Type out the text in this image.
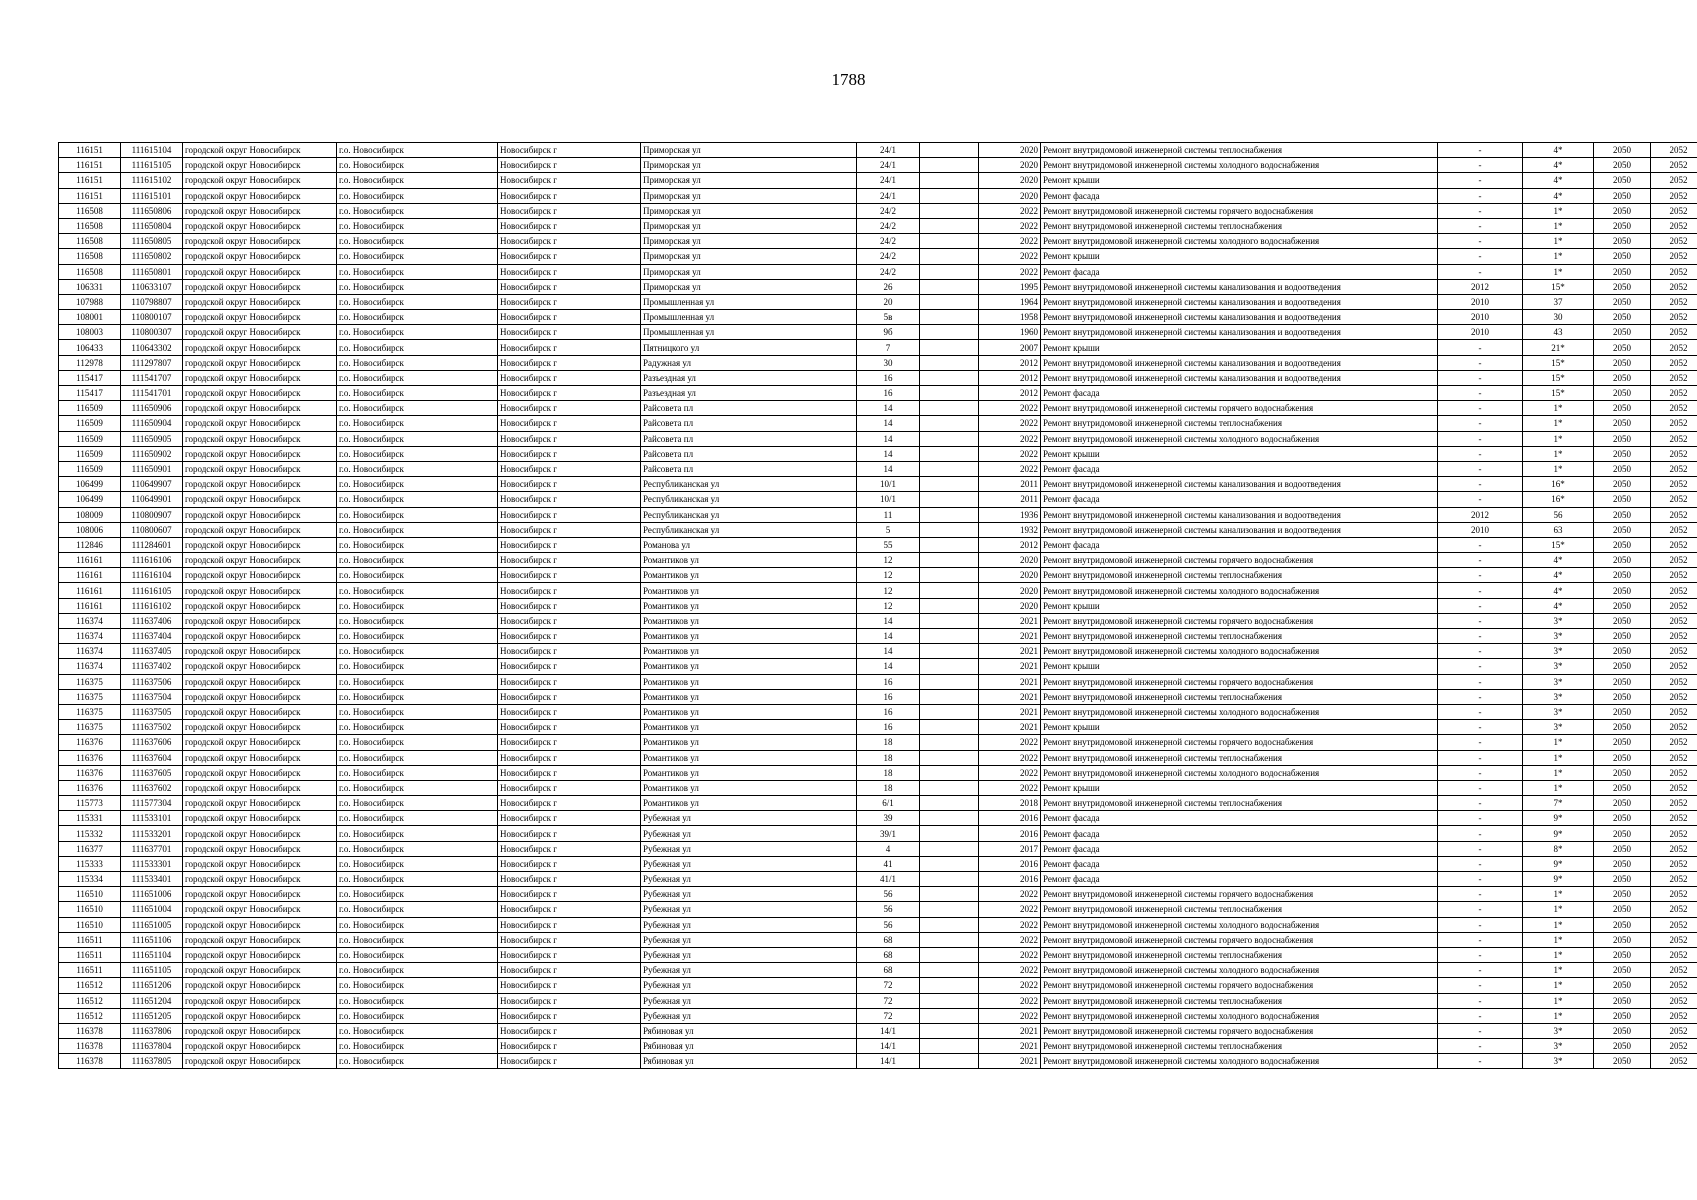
1788
116151	111615104	городской округ Новосибирск	г.о. Новосибирск	Новосибирск г	Приморская ул	24/1		2020	Ремонт внутридомовой инженерной системы теплоснабжения	-	4*	2050	2052
116151	111615105	городской округ Новосибирск	г.о. Новосибирск	Новосибирск г	Приморская ул	24/1		2020	Ремонт внутридомовой инженерной системы холодного водоснабжения	-	4*	2050	2052
116151	111615102	городской округ Новосибирск	г.о. Новосибирск	Новосибирск г	Приморская ул	24/1		2020	Ремонт крыши	-	4*	2050	2052
116151	111615101	городской округ Новосибирск	г.о. Новосибирск	Новосибирск г	Приморская ул	24/1		2020	Ремонт фасада	-	4*	2050	2052
116508	111650806	городской округ Новосибирск	г.о. Новосибирск	Новосибирск г	Приморская ул	24/2		2022	Ремонт внутридомовой инженерной системы горячего водоснабжения	-	1*	2050	2052
116508	111650804	городской округ Новосибирск	г.о. Новосибирск	Новосибирск г	Приморская ул	24/2		2022	Ремонт внутридомовой инженерной системы теплоснабжения	-	1*	2050	2052
116508	111650805	городской округ Новосибирск	г.о. Новосибирск	Новосибирск г	Приморская ул	24/2		2022	Ремонт внутридомовой инженерной системы холодного водоснабжения	-	1*	2050	2052
116508	111650802	городской округ Новосибирск	г.о. Новосибирск	Новосибирск г	Приморская ул	24/2		2022	Ремонт крыши	-	1*	2050	2052
116508	111650801	городской округ Новосибирск	г.о. Новосибирск	Новосибирск г	Приморская ул	24/2		2022	Ремонт фасада	-	1*	2050	2052
106331	110633107	городской округ Новосибирск	г.о. Новосибирск	Новосибирск г	Приморская ул	26		1995	Ремонт внутридомовой инженерной системы канализования и водоотведения	2012	15*	2050	2052
107988	110798807	городской округ Новосибирск	г.о. Новосибирск	Новосибирск г	Промышленная ул	20		1964	Ремонт внутридомовой инженерной системы канализования и водоотведения	2010	37	2050	2052
108001	110800107	городской округ Новосибирск	г.о. Новосибирск	Новосибирск г	Промышленная ул	5в		1958	Ремонт внутридомовой инженерной системы канализования и водоотведения	2010	30	2050	2052
108003	110800307	городской округ Новосибирск	г.о. Новосибирск	Новосибирск г	Промышленная ул	9б		1960	Ремонт внутридомовой инженерной системы канализования и водоотведения	2010	43	2050	2052
106433	110643302	городской округ Новосибирск	г.о. Новосибирск	Новосибирск г	Пятницкого ул	7		2007	Ремонт крыши	-	21*	2050	2052
112978	111297807	городской округ Новосибирск	г.о. Новосибирск	Новосибирск г	Радужная ул	30		2012	Ремонт внутридомовой инженерной системы канализования и водоотведения	-	15*	2050	2052
115417	111541707	городской округ Новосибирск	г.о. Новосибирск	Новосибирск г	Разъездная ул	16		2012	Ремонт внутридомовой инженерной системы канализования и водоотведения	-	15*	2050	2052
115417	111541701	городской округ Новосибирск	г.о. Новосибирск	Новосибирск г	Разъездная ул	16		2012	Ремонт фасада	-	15*	2050	2052
116509	111650906	городской округ Новосибирск	г.о. Новосибирск	Новосибирск г	Райсовета пл	14		2022	Ремонт внутридомовой инженерной системы горячего водоснабжения	-	1*	2050	2052
116509	111650904	городской округ Новосибирск	г.о. Новосибирск	Новосибирск г	Райсовета пл	14		2022	Ремонт внутридомовой инженерной системы теплоснабжения	-	1*	2050	2052
116509	111650905	городской округ Новосибирск	г.о. Новосибирск	Новосибирск г	Райсовета пл	14		2022	Ремонт внутридомовой инженерной системы холодного водоснабжения	-	1*	2050	2052
116509	111650902	городской округ Новосибирск	г.о. Новосибирск	Новосибирск г	Райсовета пл	14		2022	Ремонт крыши	-	1*	2050	2052
116509	111650901	городской округ Новосибирск	г.о. Новосибирск	Новосибирск г	Райсовета пл	14		2022	Ремонт фасада	-	1*	2050	2052
106499	110649907	городской округ Новосибирск	г.о. Новосибирск	Новосибирск г	Республиканская ул	10/1		2011	Ремонт внутридомовой инженерной системы канализования и водоотведения	-	16*	2050	2052
106499	110649901	городской округ Новосибирск	г.о. Новосибирск	Новосибирск г	Республиканская ул	10/1		2011	Ремонт фасада	-	16*	2050	2052
108009	110800907	городской округ Новосибирск	г.о. Новосибирск	Новосибирск г	Республиканская ул	11		1936	Ремонт внутридомовой инженерной системы канализования и водоотведения	2012	56	2050	2052
108006	110800607	городской округ Новосибирск	г.о. Новосибирск	Новосибирск г	Республиканская ул	5		1932	Ремонт внутридомовой инженерной системы канализования и водоотведения	2010	63	2050	2052
112846	111284601	городской округ Новосибирск	г.о. Новосибирск	Новосибирск г	Романова ул	55		2012	Ремонт фасада	-	15*	2050	2052
116161	111616106	городской округ Новосибирск	г.о. Новосибирск	Новосибирск г	Романтиков ул	12		2020	Ремонт внутридомовой инженерной системы горячего водоснабжения	-	4*	2050	2052
116161	111616104	городской округ Новосибирск	г.о. Новосибирск	Новосибирск г	Романтиков ул	12		2020	Ремонт внутридомовой инженерной системы теплоснабжения	-	4*	2050	2052
116161	111616105	городской округ Новосибирск	г.о. Новосибирск	Новосибирск г	Романтиков ул	12		2020	Ремонт внутридомовой инженерной системы холодного водоснабжения	-	4*	2050	2052
116161	111616102	городской округ Новосибирск	г.о. Новосибирск	Новосибирск г	Романтиков ул	12		2020	Ремонт крыши	-	4*	2050	2052
116374	111637406	городской округ Новосибирск	г.о. Новосибирск	Новосибирск г	Романтиков ул	14		2021	Ремонт внутридомовой инженерной системы горячего водоснабжения	-	3*	2050	2052
116374	111637404	городской округ Новосибирск	г.о. Новосибирск	Новосибирск г	Романтиков ул	14		2021	Ремонт внутридомовой инженерной системы теплоснабжения	-	3*	2050	2052
116374	111637405	городской округ Новосибирск	г.о. Новосибирск	Новосибирск г	Романтиков ул	14		2021	Ремонт внутридомовой инженерной системы холодного водоснабжения	-	3*	2050	2052
116374	111637402	городской округ Новосибирск	г.о. Новосибирск	Новосибирск г	Романтиков ул	14		2021	Ремонт крыши	-	3*	2050	2052
116375	111637506	городской округ Новосибирск	г.о. Новосибирск	Новосибирск г	Романтиков ул	16		2021	Ремонт внутридомовой инженерной системы горячего водоснабжения	-	3*	2050	2052
116375	111637504	городской округ Новосибирск	г.о. Новосибирск	Новосибирск г	Романтиков ул	16		2021	Ремонт внутридомовой инженерной системы теплоснабжения	-	3*	2050	2052
116375	111637505	городской округ Новосибирск	г.о. Новосибирск	Новосибирск г	Романтиков ул	16		2021	Ремонт внутридомовой инженерной системы холодного водоснабжения	-	3*	2050	2052
116375	111637502	городской округ Новосибирск	г.о. Новосибирск	Новосибирск г	Романтиков ул	16		2021	Ремонт крыши	-	3*	2050	2052
116376	111637606	городской округ Новосибирск	г.о. Новосибирск	Новосибирск г	Романтиков ул	18		2022	Ремонт внутридомовой инженерной системы горячего водоснабжения	-	1*	2050	2052
116376	111637604	городской округ Новосибирск	г.о. Новосибирск	Новосибирск г	Романтиков ул	18		2022	Ремонт внутридомовой инженерной системы теплоснабжения	-	1*	2050	2052
116376	111637605	городской округ Новосибирск	г.о. Новосибирск	Новосибирск г	Романтиков ул	18		2022	Ремонт внутридомовой инженерной системы холодного водоснабжения	-	1*	2050	2052
116376	111637602	городской округ Новосибирск	г.о. Новосибирск	Новосибирск г	Романтиков ул	18		2022	Ремонт крыши	-	1*	2050	2052
115773	111577304	городской округ Новосибирск	г.о. Новосибирск	Новосибирск г	Романтиков ул	6/1		2018	Ремонт внутридомовой инженерной системы теплоснабжения	-	7*	2050	2052
115331	111533101	городской округ Новосибирск	г.о. Новосибирск	Новосибирск г	Рубежная ул	39		2016	Ремонт фасада	-	9*	2050	2052
115332	111533201	городской округ Новосибирск	г.о. Новосибирск	Новосибирск г	Рубежная ул	39/1		2016	Ремонт фасада	-	9*	2050	2052
116377	111637701	городской округ Новосибирск	г.о. Новосибирск	Новосибирск г	Рубежная ул	4		2017	Ремонт фасада	-	8*	2050	2052
115333	111533301	городской округ Новосибирск	г.о. Новосибирск	Новосибирск г	Рубежная ул	41		2016	Ремонт фасада	-	9*	2050	2052
115334	111533401	городской округ Новосибирск	г.о. Новосибирск	Новосибирск г	Рубежная ул	41/1		2016	Ремонт фасада	-	9*	2050	2052
116510	111651006	городской округ Новосибирск	г.о. Новосибирск	Новосибирск г	Рубежная ул	56		2022	Ремонт внутридомовой инженерной системы горячего водоснабжения	-	1*	2050	2052
116510	111651004	городской округ Новосибирск	г.о. Новосибирск	Новосибирск г	Рубежная ул	56		2022	Ремонт внутридомовой инженерной системы теплоснабжения	-	1*	2050	2052
116510	111651005	городской округ Новосибирск	г.о. Новосибирск	Новосибирск г	Рубежная ул	56		2022	Ремонт внутридомовой инженерной системы холодного водоснабжения	-	1*	2050	2052
116511	111651106	городской округ Новосибирск	г.о. Новосибирск	Новосибирск г	Рубежная ул	68		2022	Ремонт внутридомовой инженерной системы горячего водоснабжения	-	1*	2050	2052
116511	111651104	городской округ Новосибирск	г.о. Новосибирск	Новосибирск г	Рубежная ул	68		2022	Ремонт внутридомовой инженерной системы теплоснабжения	-	1*	2050	2052
116511	111651105	городской округ Новосибирск	г.о. Новосибирск	Новосибирск г	Рубежная ул	68		2022	Ремонт внутридомовой инженерной системы холодного водоснабжения	-	1*	2050	2052
116512	111651206	городской округ Новосибирск	г.о. Новосибирск	Новосибирск г	Рубежная ул	72		2022	Ремонт внутридомовой инженерной системы горячего водоснабжения	-	1*	2050	2052
116512	111651204	городской округ Новосибирск	г.о. Новосибирск	Новосибирск г	Рубежная ул	72		2022	Ремонт внутридомовой инженерной системы теплоснабжения	-	1*	2050	2052
116512	111651205	городской округ Новосибирск	г.о. Новосибирск	Новосибирск г	Рубежная ул	72		2022	Ремонт внутридомовой инженерной системы холодного водоснабжения	-	1*	2050	2052
116378	111637806	городской округ Новосибирск	г.о. Новосибирск	Новосибирск г	Рябиновая ул	14/1		2021	Ремонт внутридомовой инженерной системы горячего водоснабжения	-	3*	2050	2052
116378	111637804	городской округ Новосибирск	г.о. Новосибирск	Новосибирск г	Рябиновая ул	14/1		2021	Ремонт внутридомовой инженерной системы теплоснабжения	-	3*	2050	2052
116378	111637805	городской округ Новосибирск	г.о. Новосибирск	Новосибирск г	Рябиновая ул	14/1		2021	Ремонт внутридомовой инженерной системы холодного водоснабжения	-	3*	2050	2052
